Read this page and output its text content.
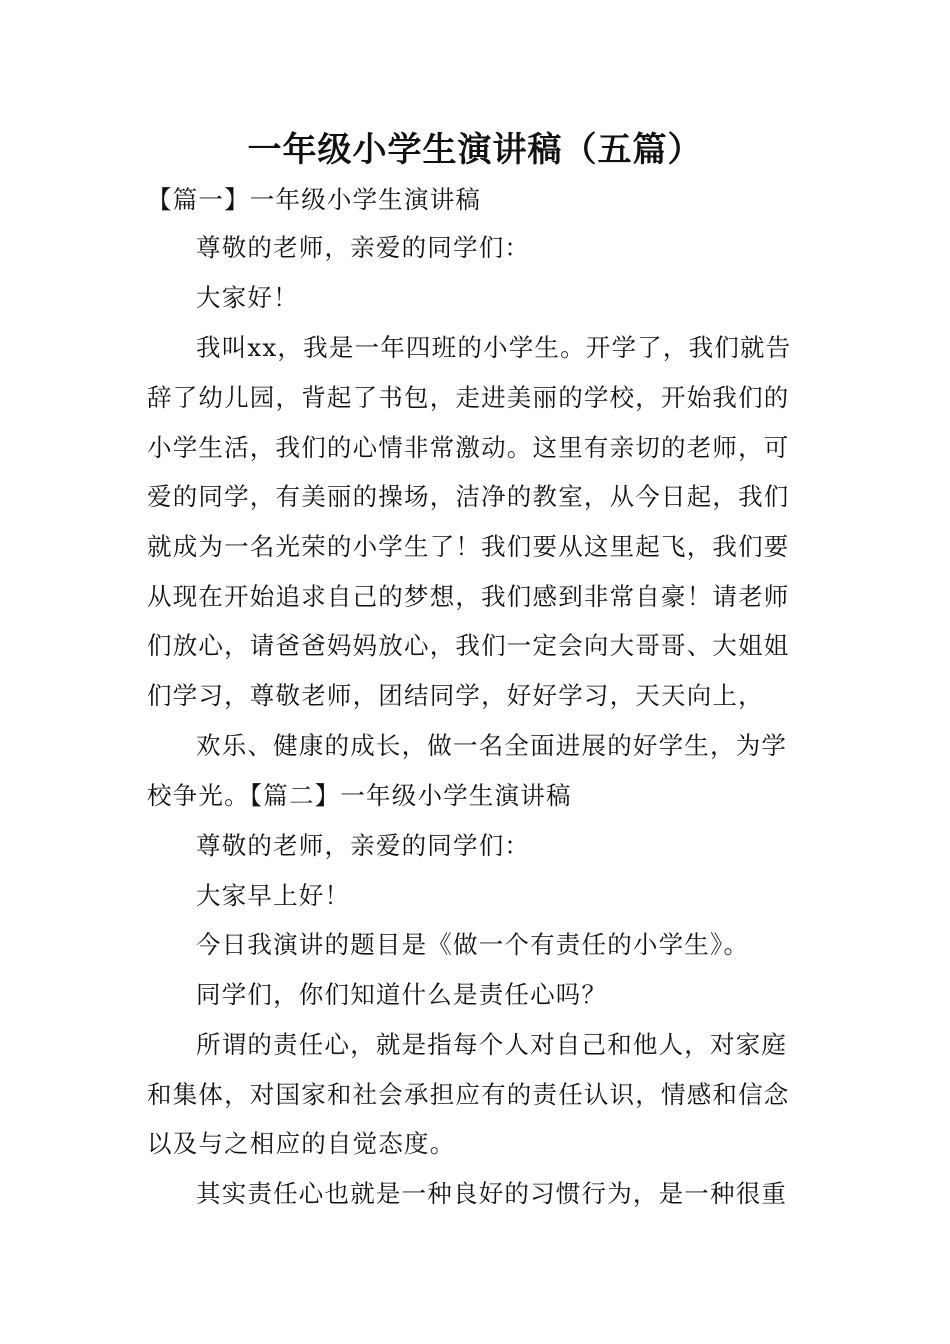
一年级小学生演讲稿（五篇）
【篇一】一年级小学生演讲稿
尊敬的老师，亲爱的同学们：
大家好！
我叫xx，我是一年四班的小学生。开学了，我们就告
辞了幼儿园，背起了书包，走进美丽的学校，开始我们的
小学生活，我们的心情非常激动。这里有亲切的老师，可
爱的同学，有美丽的操场，洁净的教室，从今日起，我们
就成为一名光荣的小学生了！我们要从这里起飞，我们要
从现在开始追求自己的梦想，我们感到非常自豪！请老师
们放心，请爸爸妈妈放心，我们一定会向大哥哥、大姐姐
们学习，尊敬老师，团结同学，好好学习，天天向上，
欢乐、健康的成长，做一名全面进展的好学生，为学
校争光。【篇二】一年级小学生演讲稿
尊敬的老师，亲爱的同学们：
大家早上好！
今日我演讲的题目是《做一个有责任的小学生》。
同学们，你们知道什么是责任心吗？
所谓的责任心，就是指每个人对自己和他人，对家庭
和集体，对国家和社会承担应有的责任认识，情感和信念
以及与之相应的自觉态度。
其实责任心也就是一种良好的习惯行为，是一种很重
